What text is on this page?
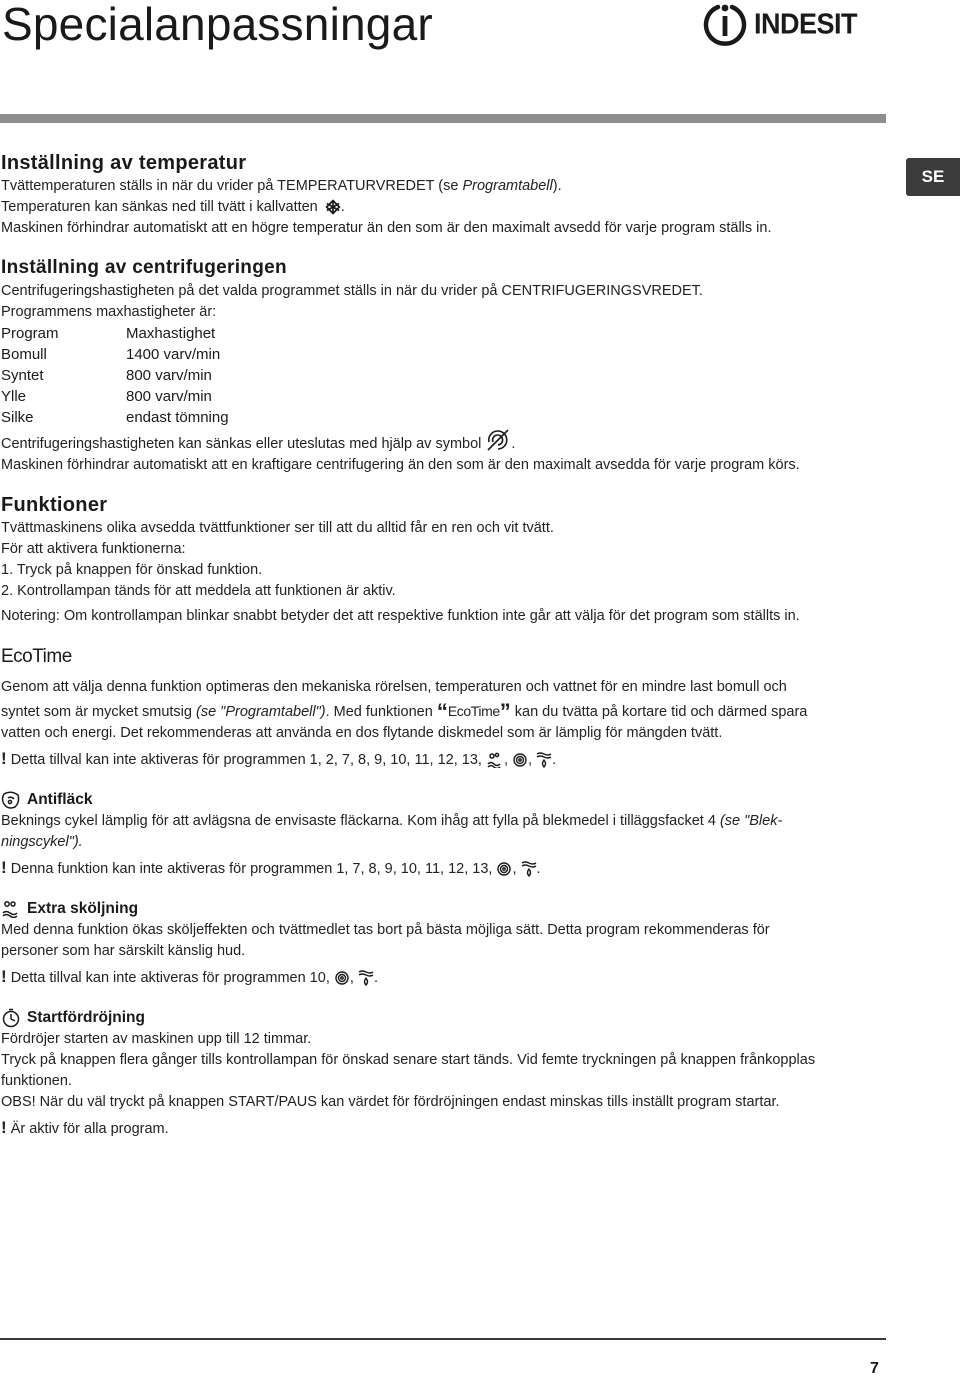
Specialanpassningar	INDESIT
SE
Inställning av temperatur

Tvättemperaturen ställs in när du vrider på TEMPERATURVREDET (se Programtabell).

Temperaturen kan sänkas ned till tvätt i kallvatten .

Maskinen förhindrar automatiskt att en högre temperatur än den som är den maximalt avsedd för varje program ställs in.

Inställning av centrifugeringen

Centrifugeringshastigheten på det valda programmet ställs in när du vrider på CENTRIFUGERINGSVREDET.

Programmens maxhastigheter är:

Program	Maxhastighet
Bomull	1400 varv/min
Syntet	800 varv/min
Ylle	800 varv/min
Silke	endast tömning

Centrifugeringshastigheten kan sänkas eller uteslutas med hjälp av symbol .

Maskinen förhindrar automatiskt att en kraftigare centrifugering än den som är den maximalt avsedda för varje program körs.

Funktioner

Tvättmaskinens olika avsedda tvättfunktioner ser till att du alltid får en ren och vit tvätt.

För att aktivera funktionerna:

1. Tryck på knappen för önskad funktion.

2. Kontrollampan tänds för att meddela att funktionen är aktiv.

Notering: Om kontrollampan blinkar snabbt betyder det att respektive funktion inte går att välja för det program som ställts in.

EcoTime

Genom att välja denna funktion optimeras den mekaniska rörelsen, temperaturen och vattnet för en mindre last bomull och

syntet som är mycket smutsig (se "Programtabell"). Med funktionen “EcoTime” kan du tvätta på kortare tid och därmed spara

vatten och energi. Det rekommenderas att använda en dos flytande diskmedel som är lämplig för mängden tvätt.

! Detta tillval kan inte aktiveras för programmen 1, 2, 7, 8, 9, 10, 11, 12, 13, , , .

Antifläck

Beknings cykel lämplig för att avlägsna de envisaste fläckarna. Kom ihåg att fylla på blekmedel i tilläggsfacket 4 (se "Blek-

ningscykel").

! Denna funktion kan inte aktiveras för programmen 1, 7, 8, 9, 10, 11, 12, 13, , .

Extra sköljning

Med denna funktion ökas sköljeffekten och tvättmedlet tas bort på bästa möjliga sätt. Detta program rekommenderas för

personer som har särskilt känslig hud.

! Detta tillval kan inte aktiveras för programmen 10, , .

Startfördröjning

Fördröjer starten av maskinen upp till 12 timmar.

Tryck på knappen flera gånger tills kontrollampan för önskad senare start tänds. Vid femte tryckningen på knappen frånkopplas

funktionen.

OBS! När du väl tryckt på knappen START/PAUS kan värdet för fördröjningen endast minskas tills inställt program startar.

! Är aktiv för alla program.

7
